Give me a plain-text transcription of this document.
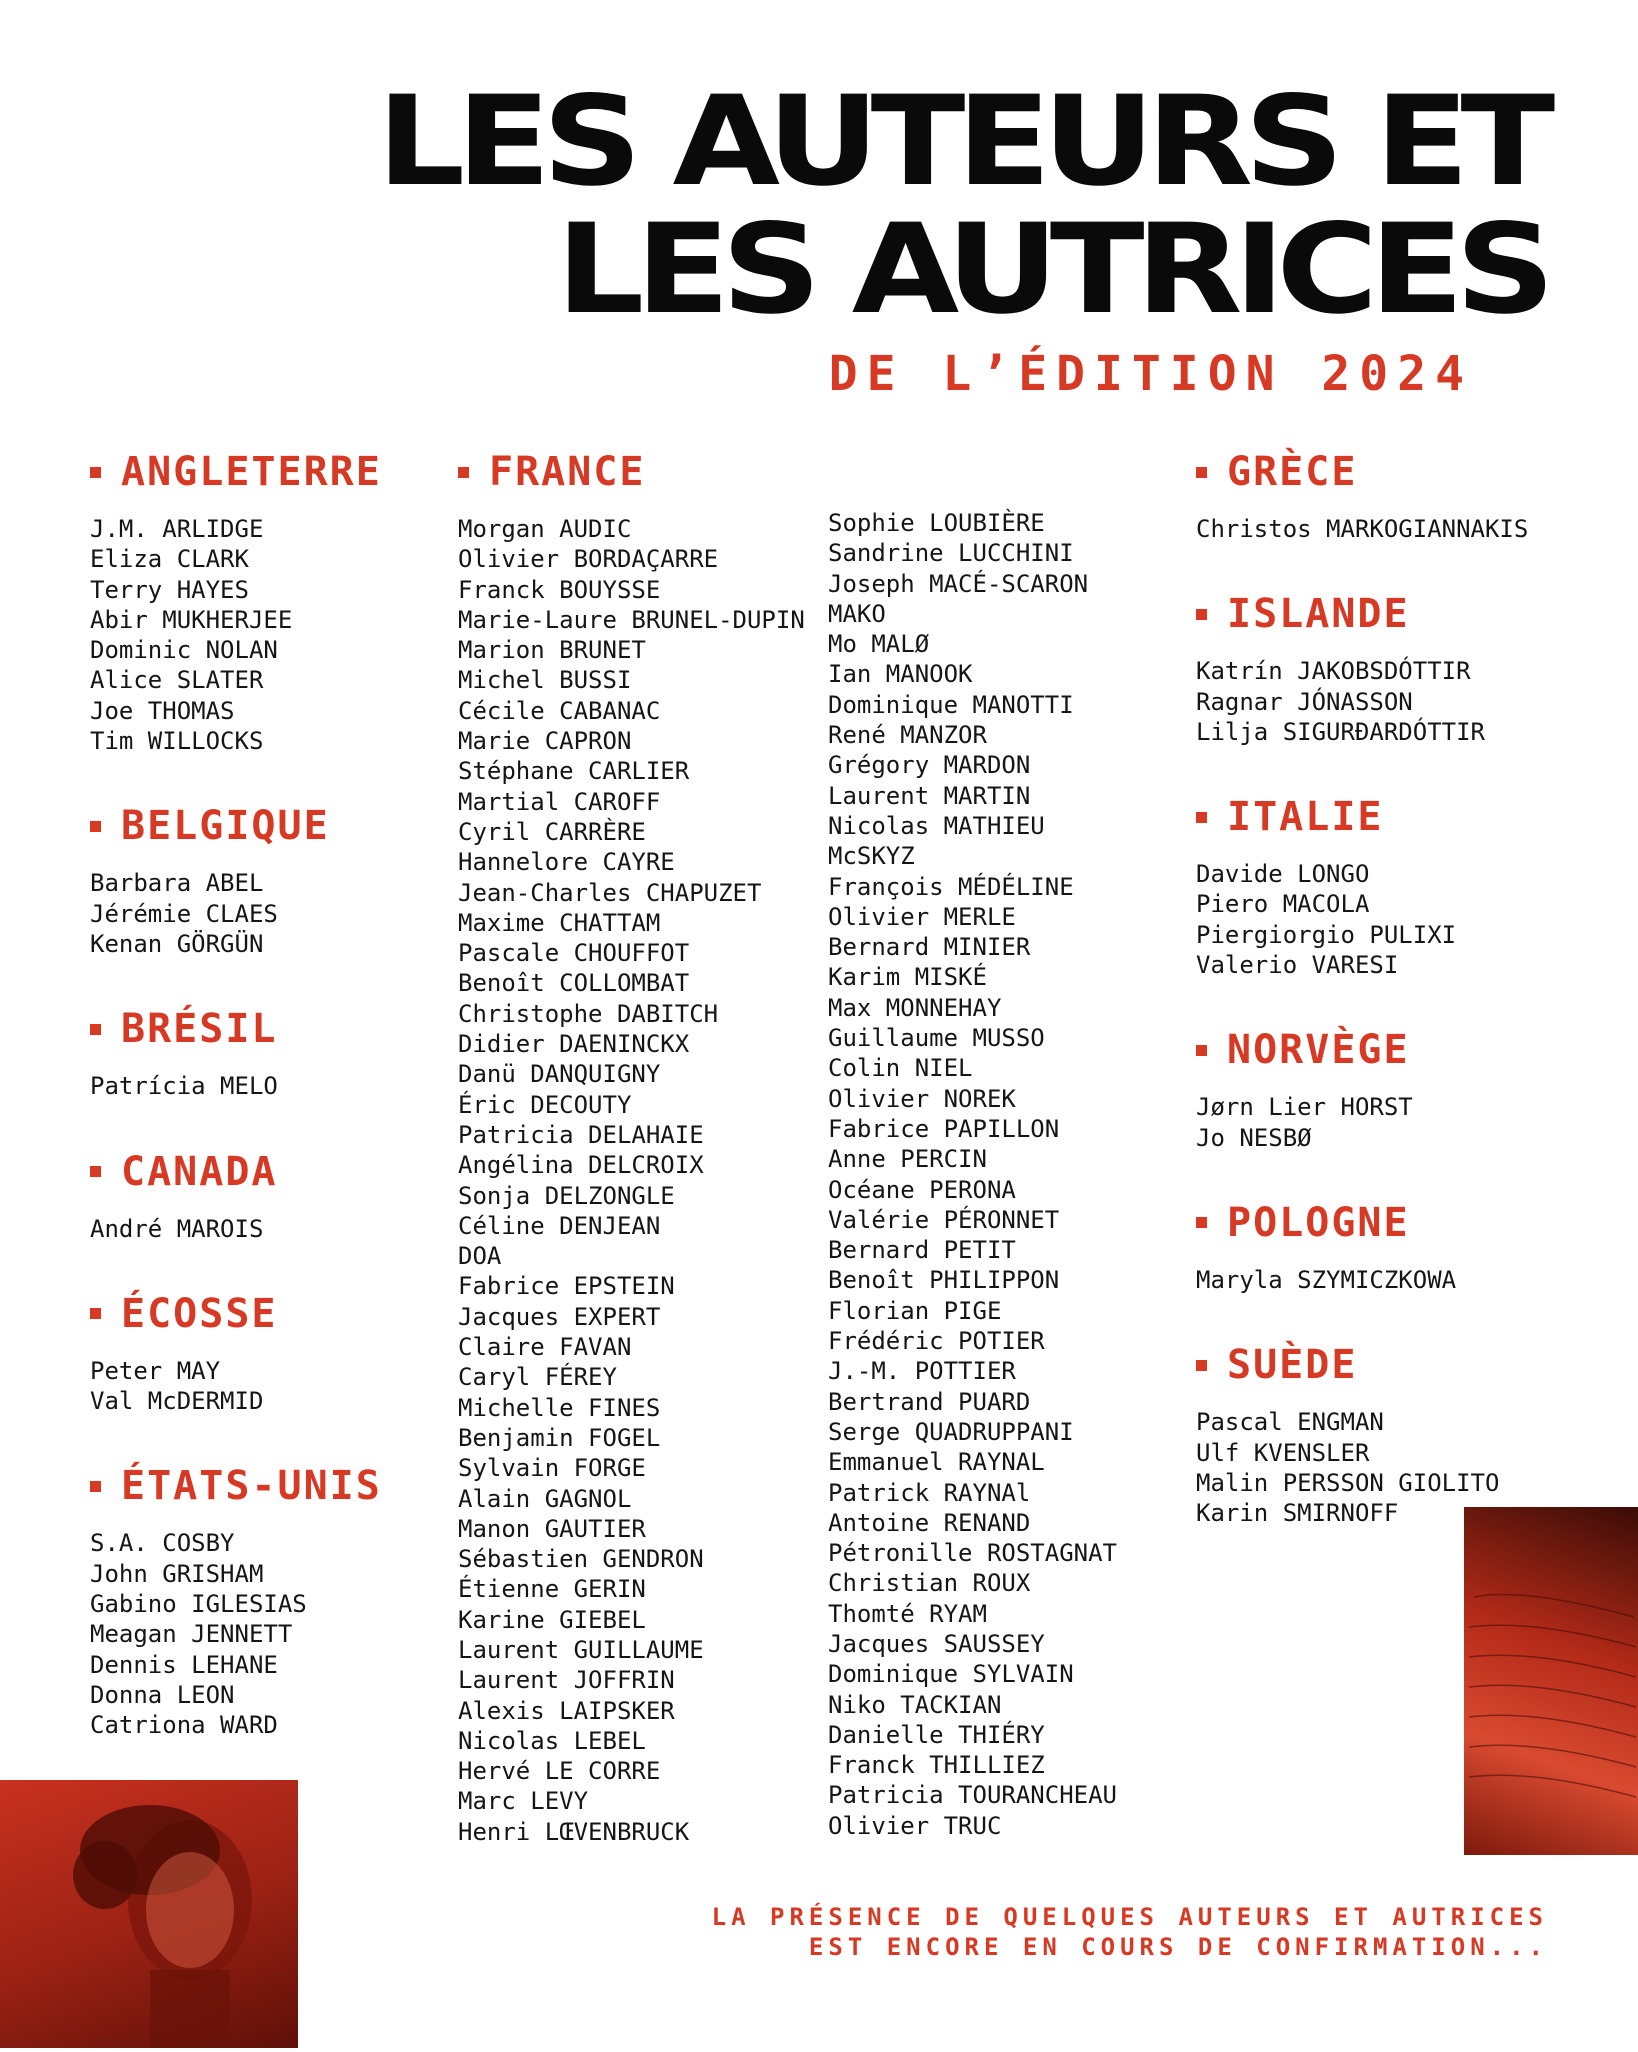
LES AUTEURS ET
LES AUTRICES
DE L’ÉDITION 2024
ANGLETERRE
J.M. ARLIDGE
Eliza CLARK
Terry HAYES
Abir MUKHERJEE
Dominic NOLAN
Alice SLATER
Joe THOMAS
Tim WILLOCKS
BELGIQUE
Barbara ABEL
Jérémie CLAES
Kenan GÖRGÜN
BRÉSIL
Patrícia MELO
CANADA
André MAROIS
ÉCOSSE
Peter MAY
Val McDERMID
ÉTATS-UNIS
S.A. COSBY
John GRISHAM
Gabino IGLESIAS
Meagan JENNETT
Dennis LEHANE
Donna LEON
Catriona WARD
FRANCE
Morgan AUDIC
Olivier BORDAÇARRE
Franck BOUYSSE
Marie-Laure BRUNEL-DUPIN
Marion BRUNET
Michel BUSSI
Cécile CABANAC
Marie CAPRON
Stéphane CARLIER
Martial CAROFF
Cyril CARRÈRE
Hannelore CAYRE
Jean-Charles CHAPUZET
Maxime CHATTAM
Pascale CHOUFFOT
Benoît COLLOMBAT
Christophe DABITCH
Didier DAENINCKX
Danü DANQUIGNY
Éric DECOUTY
Patricia DELAHAIE
Angélina DELCROIX
Sonja DELZONGLE
Céline DENJEAN
DOA
Fabrice EPSTEIN
Jacques EXPERT
Claire FAVAN
Caryl FÉREY
Michelle FINES
Benjamin FOGEL
Sylvain FORGE
Alain GAGNOL
Manon GAUTIER
Sébastien GENDRON
Étienne GERIN
Karine GIEBEL
Laurent GUILLAUME
Laurent JOFFRIN
Alexis LAIPSKER
Nicolas LEBEL
Hervé LE CORRE
Marc LEVY
Henri LŒVENBRUCK
Sophie LOUBIÈRE
Sandrine LUCCHINI
Joseph MACÉ-SCARON
MAKO
Mo MALØ
Ian MANOOK
Dominique MANOTTI
René MANZOR
Grégory MARDON
Laurent MARTIN
Nicolas MATHIEU
McSKYZ
François MÉDÉLINE
Olivier MERLE
Bernard MINIER
Karim MISKÉ
Max MONNEHAY
Guillaume MUSSO
Colin NIEL
Olivier NOREK
Fabrice PAPILLON
Anne PERCIN
Océane PERONA
Valérie PÉRONNET
Bernard PETIT
Benoît PHILIPPON
Florian PIGE
Frédéric POTIER
J.-M. POTTIER
Bertrand PUARD
Serge QUADRUPPANI
Emmanuel RAYNAL
Patrick RAYNAl
Antoine RENAND
Pétronille ROSTAGNAT
Christian ROUX
Thomté RYAM
Jacques SAUSSEY
Dominique SYLVAIN
Niko TACKIAN
Danielle THIÉRY
Franck THILLIEZ
Patricia TOURANCHEAU
Olivier TRUC
GRÈCE
Christos MARKOGIANNAKIS
ISLANDE
Katrín JAKOBSDÓTTIR
Ragnar JÓNASSON
Lilja SIGURÐARDÓTTIR
ITALIE
Davide LONGO
Piero MACOLA
Piergiorgio PULIXI
Valerio VARESI
NORVÈGE
Jørn Lier HORST
Jo NESBØ
POLOGNE
Maryla SZYMICZKOWA
SUÈDE
Pascal ENGMAN
Ulf KVENSLER
Malin PERSSON GIOLITO
Karin SMIRNOFF
LA PRÉSENCE DE QUELQUES AUTEURS ET AUTRICES
EST ENCORE EN COURS DE CONFIRMATION...
